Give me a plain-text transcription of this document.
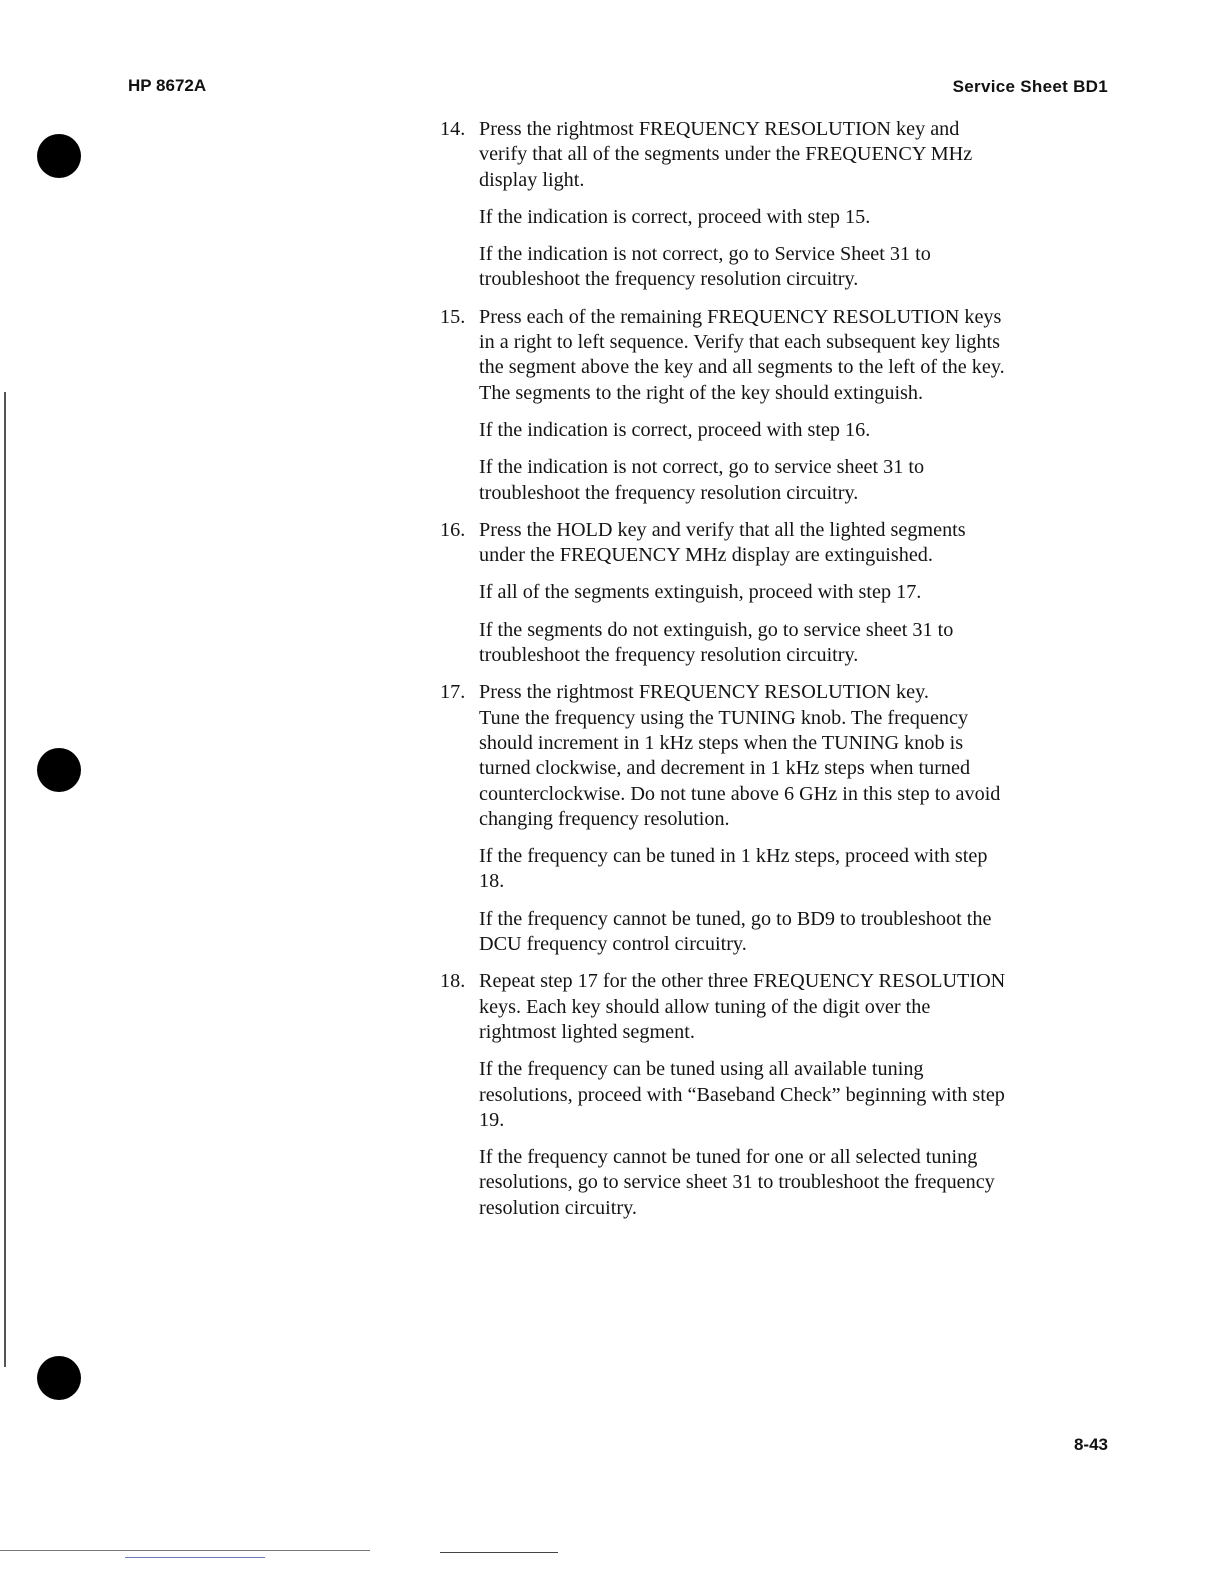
HP 8672A	Service Sheet BD1
14. Press the rightmost FREQUENCY RESOLUTION key and
verify that all of the segments under the FREQUENCY MHz
display light.

If the indication is correct, proceed with step 15.

If the indication is not correct, go to Service Sheet 31 to
troubleshoot the frequency resolution circuitry.

15. Press each of the remaining FREQUENCY RESOLUTION keys
in a right to left sequence. Verify that each subsequent key lights
the segment above the key and all segments to the left of the key.
The segments to the right of the key should extinguish.

If the indication is correct, proceed with step 16.

If the indication is not correct, go to service sheet 31 to
troubleshoot the frequency resolution circuitry.

16. Press the HOLD key and verify that all the lighted segments
under the FREQUENCY MHz display are extinguished.

If all of the segments extinguish, proceed with step 17.

If the segments do not extinguish, go to service sheet 31 to
troubleshoot the frequency resolution circuitry.

17. Press the rightmost FREQUENCY RESOLUTION key.
Tune the frequency using the TUNING knob. The frequency
should increment in 1 kHz steps when the TUNING knob is
turned clockwise, and decrement in 1 kHz steps when turned
counterclockwise. Do not tune above 6 GHz in this step to avoid
changing frequency resolution.

If the frequency can be tuned in 1 kHz steps, proceed with step
18.

If the frequency cannot be tuned, go to BD9 to troubleshoot the
DCU frequency control circuitry.

18. Repeat step 17 for the other three FREQUENCY RESOLUTION
keys. Each key should allow tuning of the digit over the
rightmost lighted segment.

If the frequency can be tuned using all available tuning
resolutions, proceed with “Baseband Check” beginning with step
19.

If the frequency cannot be tuned for one or all selected tuning
resolutions, go to service sheet 31 to troubleshoot the frequency
resolution circuitry.

8-43
